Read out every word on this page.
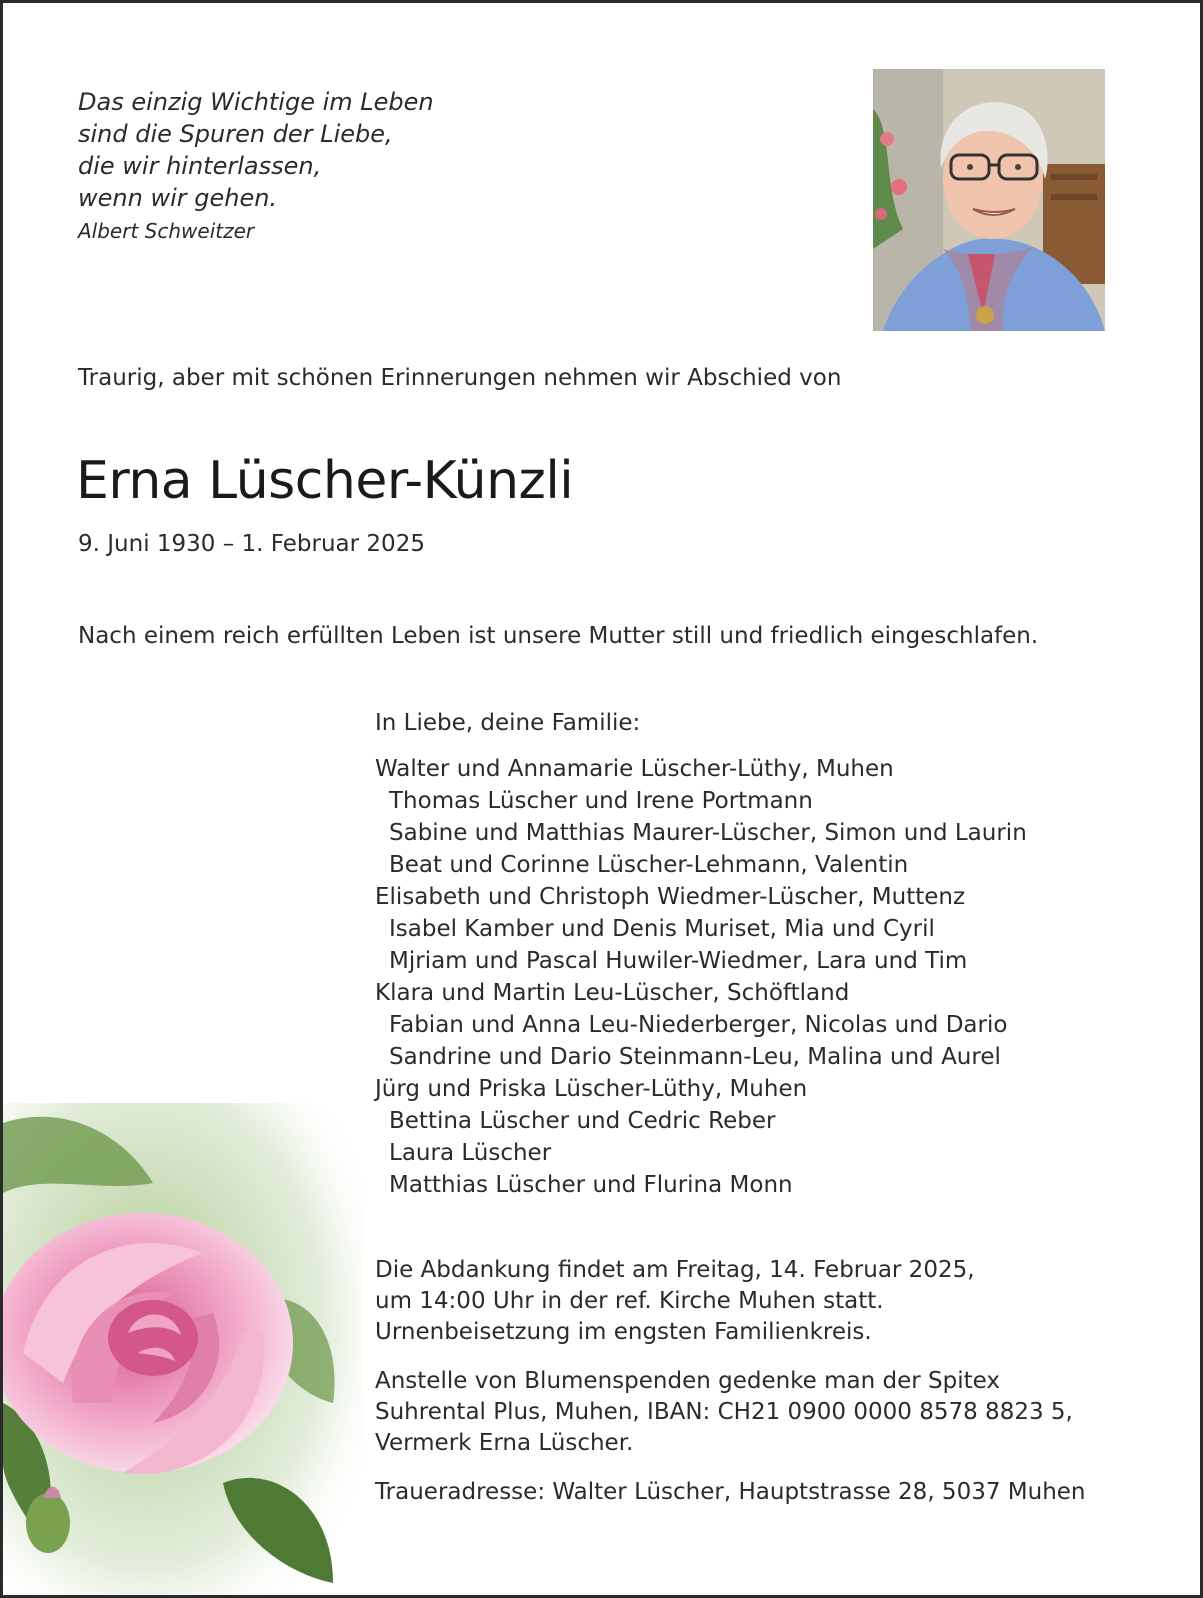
Das einzig Wichtige im Leben
sind die Spuren der Liebe,
die wir hinterlassen,
wenn wir gehen.
Albert Schweitzer
Traurig, aber mit schönen Erinnerungen nehmen wir Abschied von
Erna Lüscher-Künzli
9. Juni 1930 – 1. Februar 2025
Nach einem reich erfüllten Leben ist unsere Mutter still und friedlich eingeschlafen.
In Liebe, deine Familie:
Walter und Annamarie Lüscher-Lüthy, Muhen
Thomas Lüscher und Irene Portmann
Sabine und Matthias Maurer-Lüscher, Simon und Laurin
Beat und Corinne Lüscher-Lehmann, Valentin
Elisabeth und Christoph Wiedmer-Lüscher, Muttenz
Isabel Kamber und Denis Muriset, Mia und Cyril
Mjriam und Pascal Huwiler-Wiedmer, Lara und Tim
Klara und Martin Leu-Lüscher, Schöftland
Fabian und Anna Leu-Niederberger, Nicolas und Dario
Sandrine und Dario Steinmann-Leu, Malina und Aurel
Jürg und Priska Lüscher-Lüthy, Muhen
Bettina Lüscher und Cedric Reber
Laura Lüscher
Matthias Lüscher und Flurina Monn
Die Abdankung findet am Freitag, 14. Februar 2025,
um 14:00 Uhr in der ref. Kirche Muhen statt.
Urnenbeisetzung im engsten Familienkreis.
Anstelle von Blumenspenden gedenke man der Spitex
Suhrental Plus, Muhen, IBAN: CH21 0900 0000 8578 8823 5,
Vermerk Erna Lüscher.
Traueradresse: Walter Lüscher, Hauptstrasse 28, 5037 Muhen
